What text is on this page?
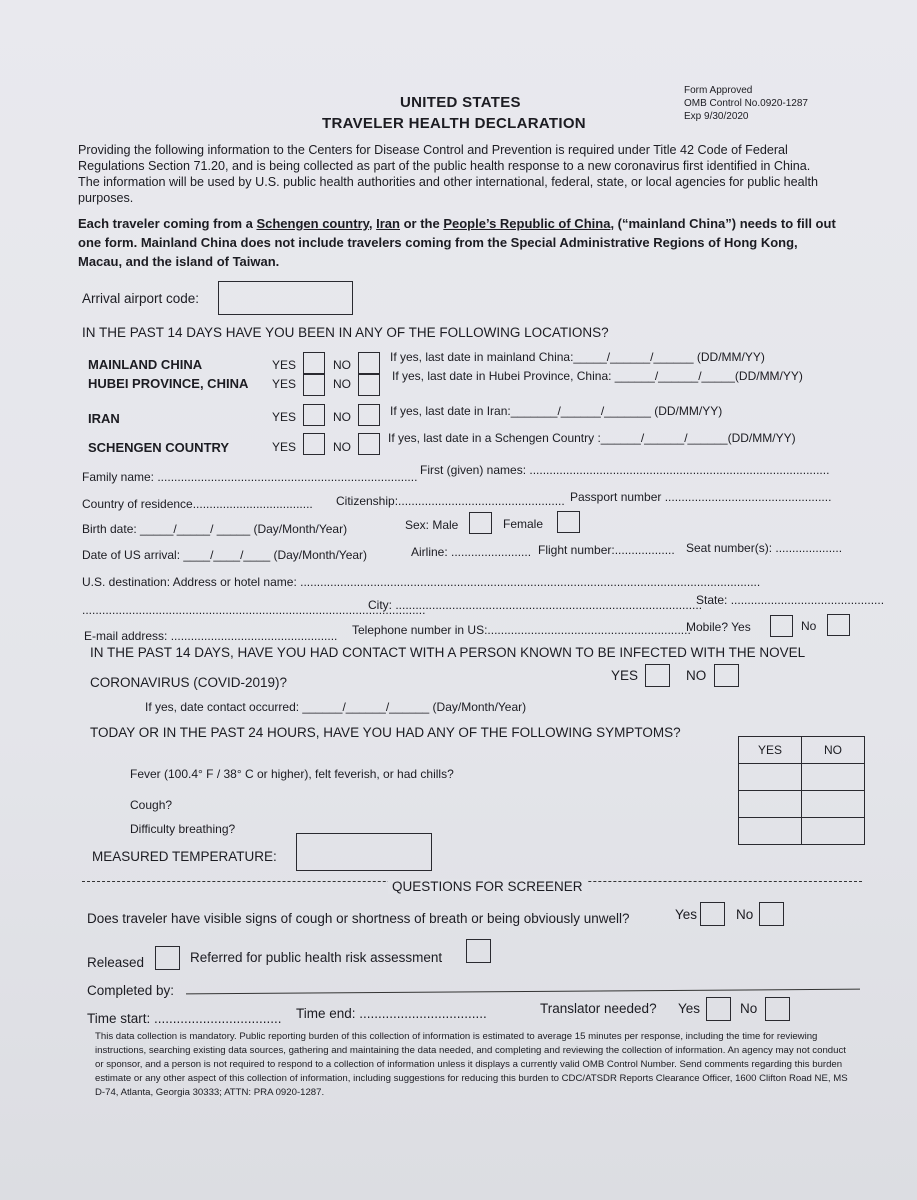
UNITED STATES
TRAVELER HEALTH DECLARATION
Form Approved
OMB Control No.0920-1287
Exp 9/30/2020
Providing the following information to the Centers for Disease Control and Prevention is required under Title 42 Code of Federal Regulations Section 71.20, and is being collected as part of the public health response to a new coronavirus first identified in China. The information will be used by U.S. public health authorities and other international, federal, state, or local agencies for public health purposes.
Each traveler coming from a Schengen country, Iran or the People’s Republic of China, (“mainland China”) needs to fill out one form. Mainland China does not include travelers coming from the Special Administrative Regions of Hong Kong, Macau, and the island of Taiwan.
Arrival airport code:
IN THE PAST 14 DAYS HAVE YOU BEEN IN ANY OF THE FOLLOWING LOCATIONS?
MAINLAND CHINA	YES	NO
If yes, last date in mainland China:_____/______/______ (DD/MM/YY)
HUBEI PROVINCE, CHINA YES	NO
If yes, last date in Hubei Province, China: ______/______/_____(DD/MM/YY)
IRAN	YES	NO	If yes, last date in Iran:_______/______/_______ (DD/MM/YY)
SCHENGEN COUNTRY	YES	NO
If yes, last date in a Schengen Country :______/______/______(DD/MM/YY)
Family name: .............................................................................. First (given) names: ..........................................................................................
Country of residence.................................... Citizenship:.................................................. Passport number ..................................................
Birth date: _____/_____/ _____ (Day/Month/Year)	Sex: Male	Female
Date of US arrival: ____/____/____ (Day/Month/Year)	Airline: ........................ Flight number:.................. Seat number(s): ....................
U.S. destination: Address or hotel name: ..........................................................................................................................................
.......................................................................................................
City: ............................................................................................
State: ..............................................
E-mail address: ..................................................	Telephone number in US:.............................................................
Mobile? Yes	No
IN THE PAST 14 DAYS, HAVE YOU HAD CONTACT WITH A PERSON KNOWN TO BE INFECTED WITH THE NOVEL
CORONAVIRUS (COVID-2019)?	YES	NO
If yes, date contact occurred: ______/______/______ (Day/Month/Year)
TODAY OR IN THE PAST 24 HOURS, HAVE YOU HAD ANY OF THE FOLLOWING SYMPTOMS?
YES	NO

Fever (100.4° F / 38° C or higher), felt feverish, or had chills?
Cough?
Difficulty breathing?
MEASURED TEMPERATURE:
QUESTIONS FOR SCREENER
Does traveler have visible signs of cough or shortness of breath or being obviously unwell?	Yes	No
Released	Referred for public health risk assessment
Completed by:
Time start: .................................. Time end: ..................................	Translator needed? Yes	No
This data collection is mandatory. Public reporting burden of this collection of information is estimated to average 15 minutes per response, including the time for reviewing instructions, searching existing data sources, gathering and maintaining the data needed, and completing and reviewing the collection of information. An agency may not conduct or sponsor, and a person is not required to respond to a collection of information unless it displays a currently valid OMB Control Number. Send comments regarding this burden estimate or any other aspect of this collection of information, including suggestions for reducing this burden to CDC/ATSDR Reports Clearance Officer, 1600 Clifton Road NE, MS D-74, Atlanta, Georgia 30333; ATTN: PRA 0920-1287.
